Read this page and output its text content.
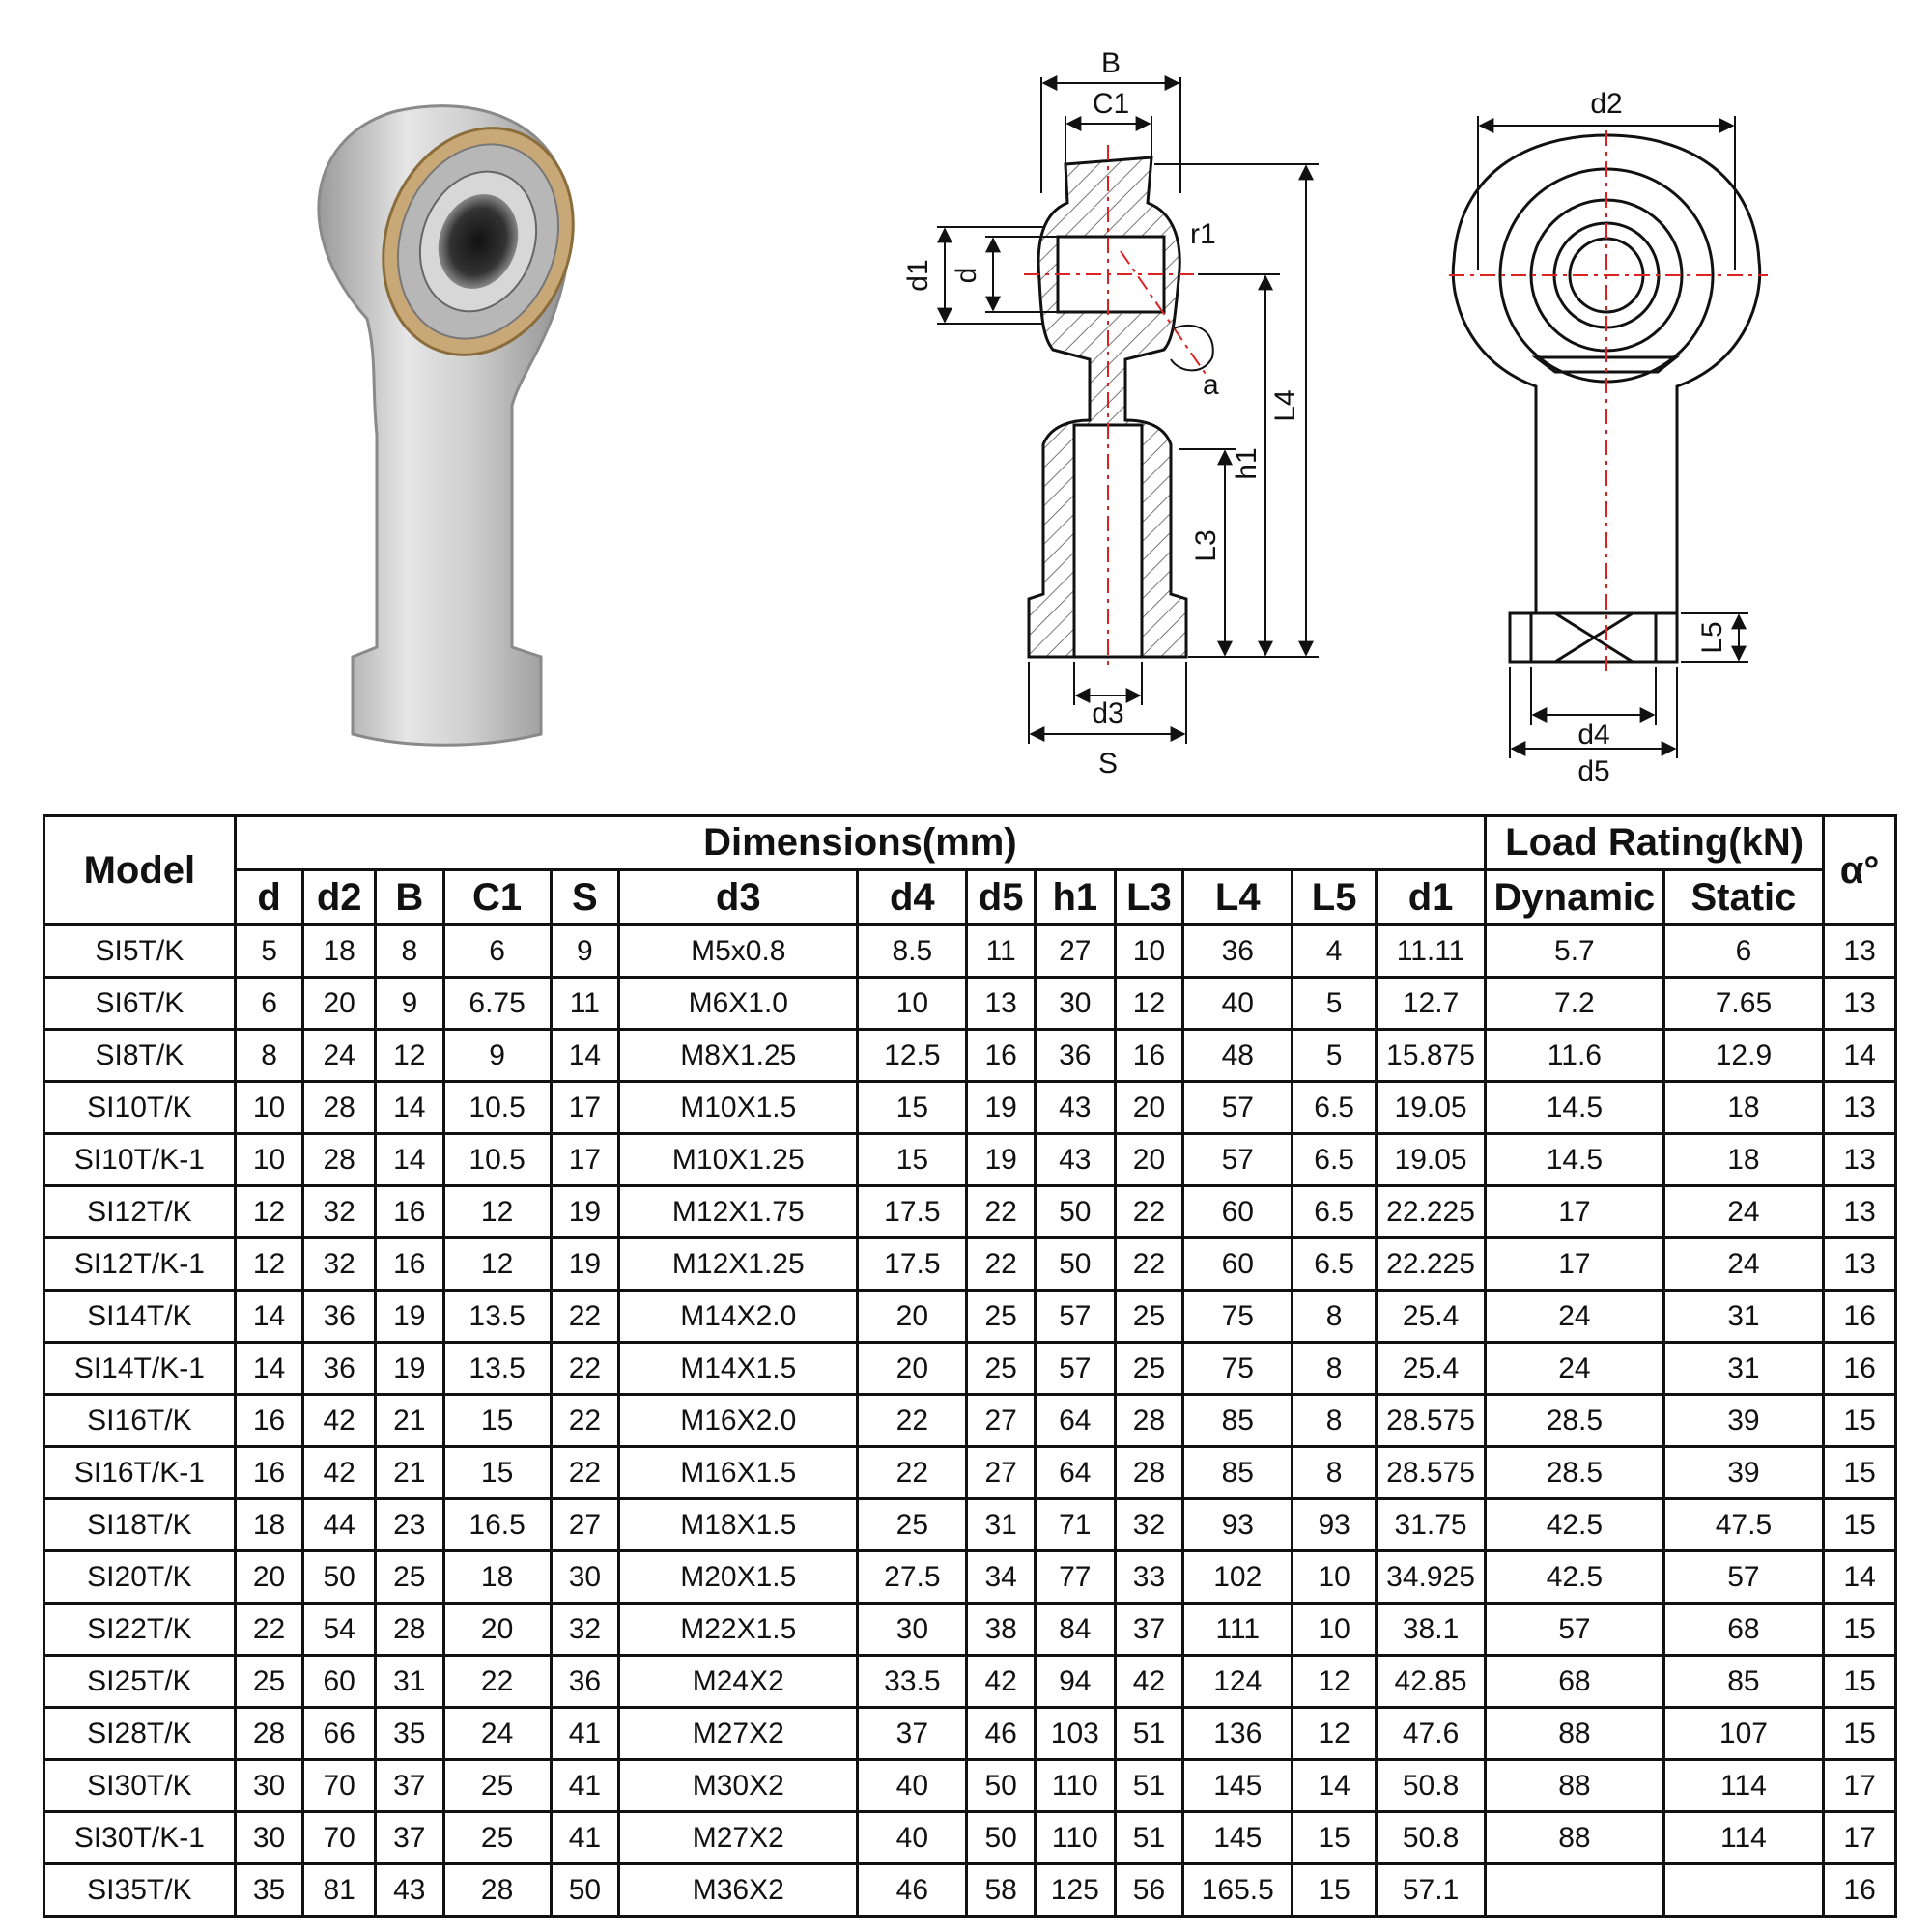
B
C1
r1
d1 d
a
L4
h1
L3
d3
S
d2
L5
d4
d5
Model	Dimensions(mm)													Load Rating(kN)		α°
	d	d2	B	C1	S	d3	d4	d5	h1	L3	L4	L5	d1	Dynamic	Static	
SI5T/K	5	18	8	6	9	M5x0.8	8.5	11	27	10	36	4	11.11	5.7	6	13
SI6T/K	6	20	9	6.75	11	M6X1.0	10	13	30	12	40	5	12.7	7.2	7.65	13
SI8T/K	8	24	12	9	14	M8X1.25	12.5	16	36	16	48	5	15.875	11.6	12.9	14
SI10T/K	10	28	14	10.5	17	M10X1.5	15	19	43	20	57	6.5	19.05	14.5	18	13
SI10T/K-1	10	28	14	10.5	17	M10X1.25	15	19	43	20	57	6.5	19.05	14.5	18	13
SI12T/K	12	32	16	12	19	M12X1.75	17.5	22	50	22	60	6.5	22.225	17	24	13
SI12T/K-1	12	32	16	12	19	M12X1.25	17.5	22	50	22	60	6.5	22.225	17	24	13
SI14T/K	14	36	19	13.5	22	M14X2.0	20	25	57	25	75	8	25.4	24	31	16
SI14T/K-1	14	36	19	13.5	22	M14X1.5	20	25	57	25	75	8	25.4	24	31	16
SI16T/K	16	42	21	15	22	M16X2.0	22	27	64	28	85	8	28.575	28.5	39	15
SI16T/K-1	16	42	21	15	22	M16X1.5	22	27	64	28	85	8	28.575	28.5	39	15
SI18T/K	18	44	23	16.5	27	M18X1.5	25	31	71	32	93	93	31.75	42.5	47.5	15
SI20T/K	20	50	25	18	30	M20X1.5	27.5	34	77	33	102	10	34.925	42.5	57	14
SI22T/K	22	54	28	20	32	M22X1.5	30	38	84	37	111	10	38.1	57	68	15
SI25T/K	25	60	31	22	36	M24X2	33.5	42	94	42	124	12	42.85	68	85	15
SI28T/K	28	66	35	24	41	M27X2	37	46	103	51	136	12	47.6	88	107	15
SI30T/K	30	70	37	25	41	M30X2	40	50	110	51	145	14	50.8	88	114	17
SI30T/K-1	30	70	37	25	41	M27X2	40	50	110	51	145	15	50.8	88	114	17
SI35T/K	35	81	43	28	50	M36X2	46	58	125	56	165.5	15	57.1			16
